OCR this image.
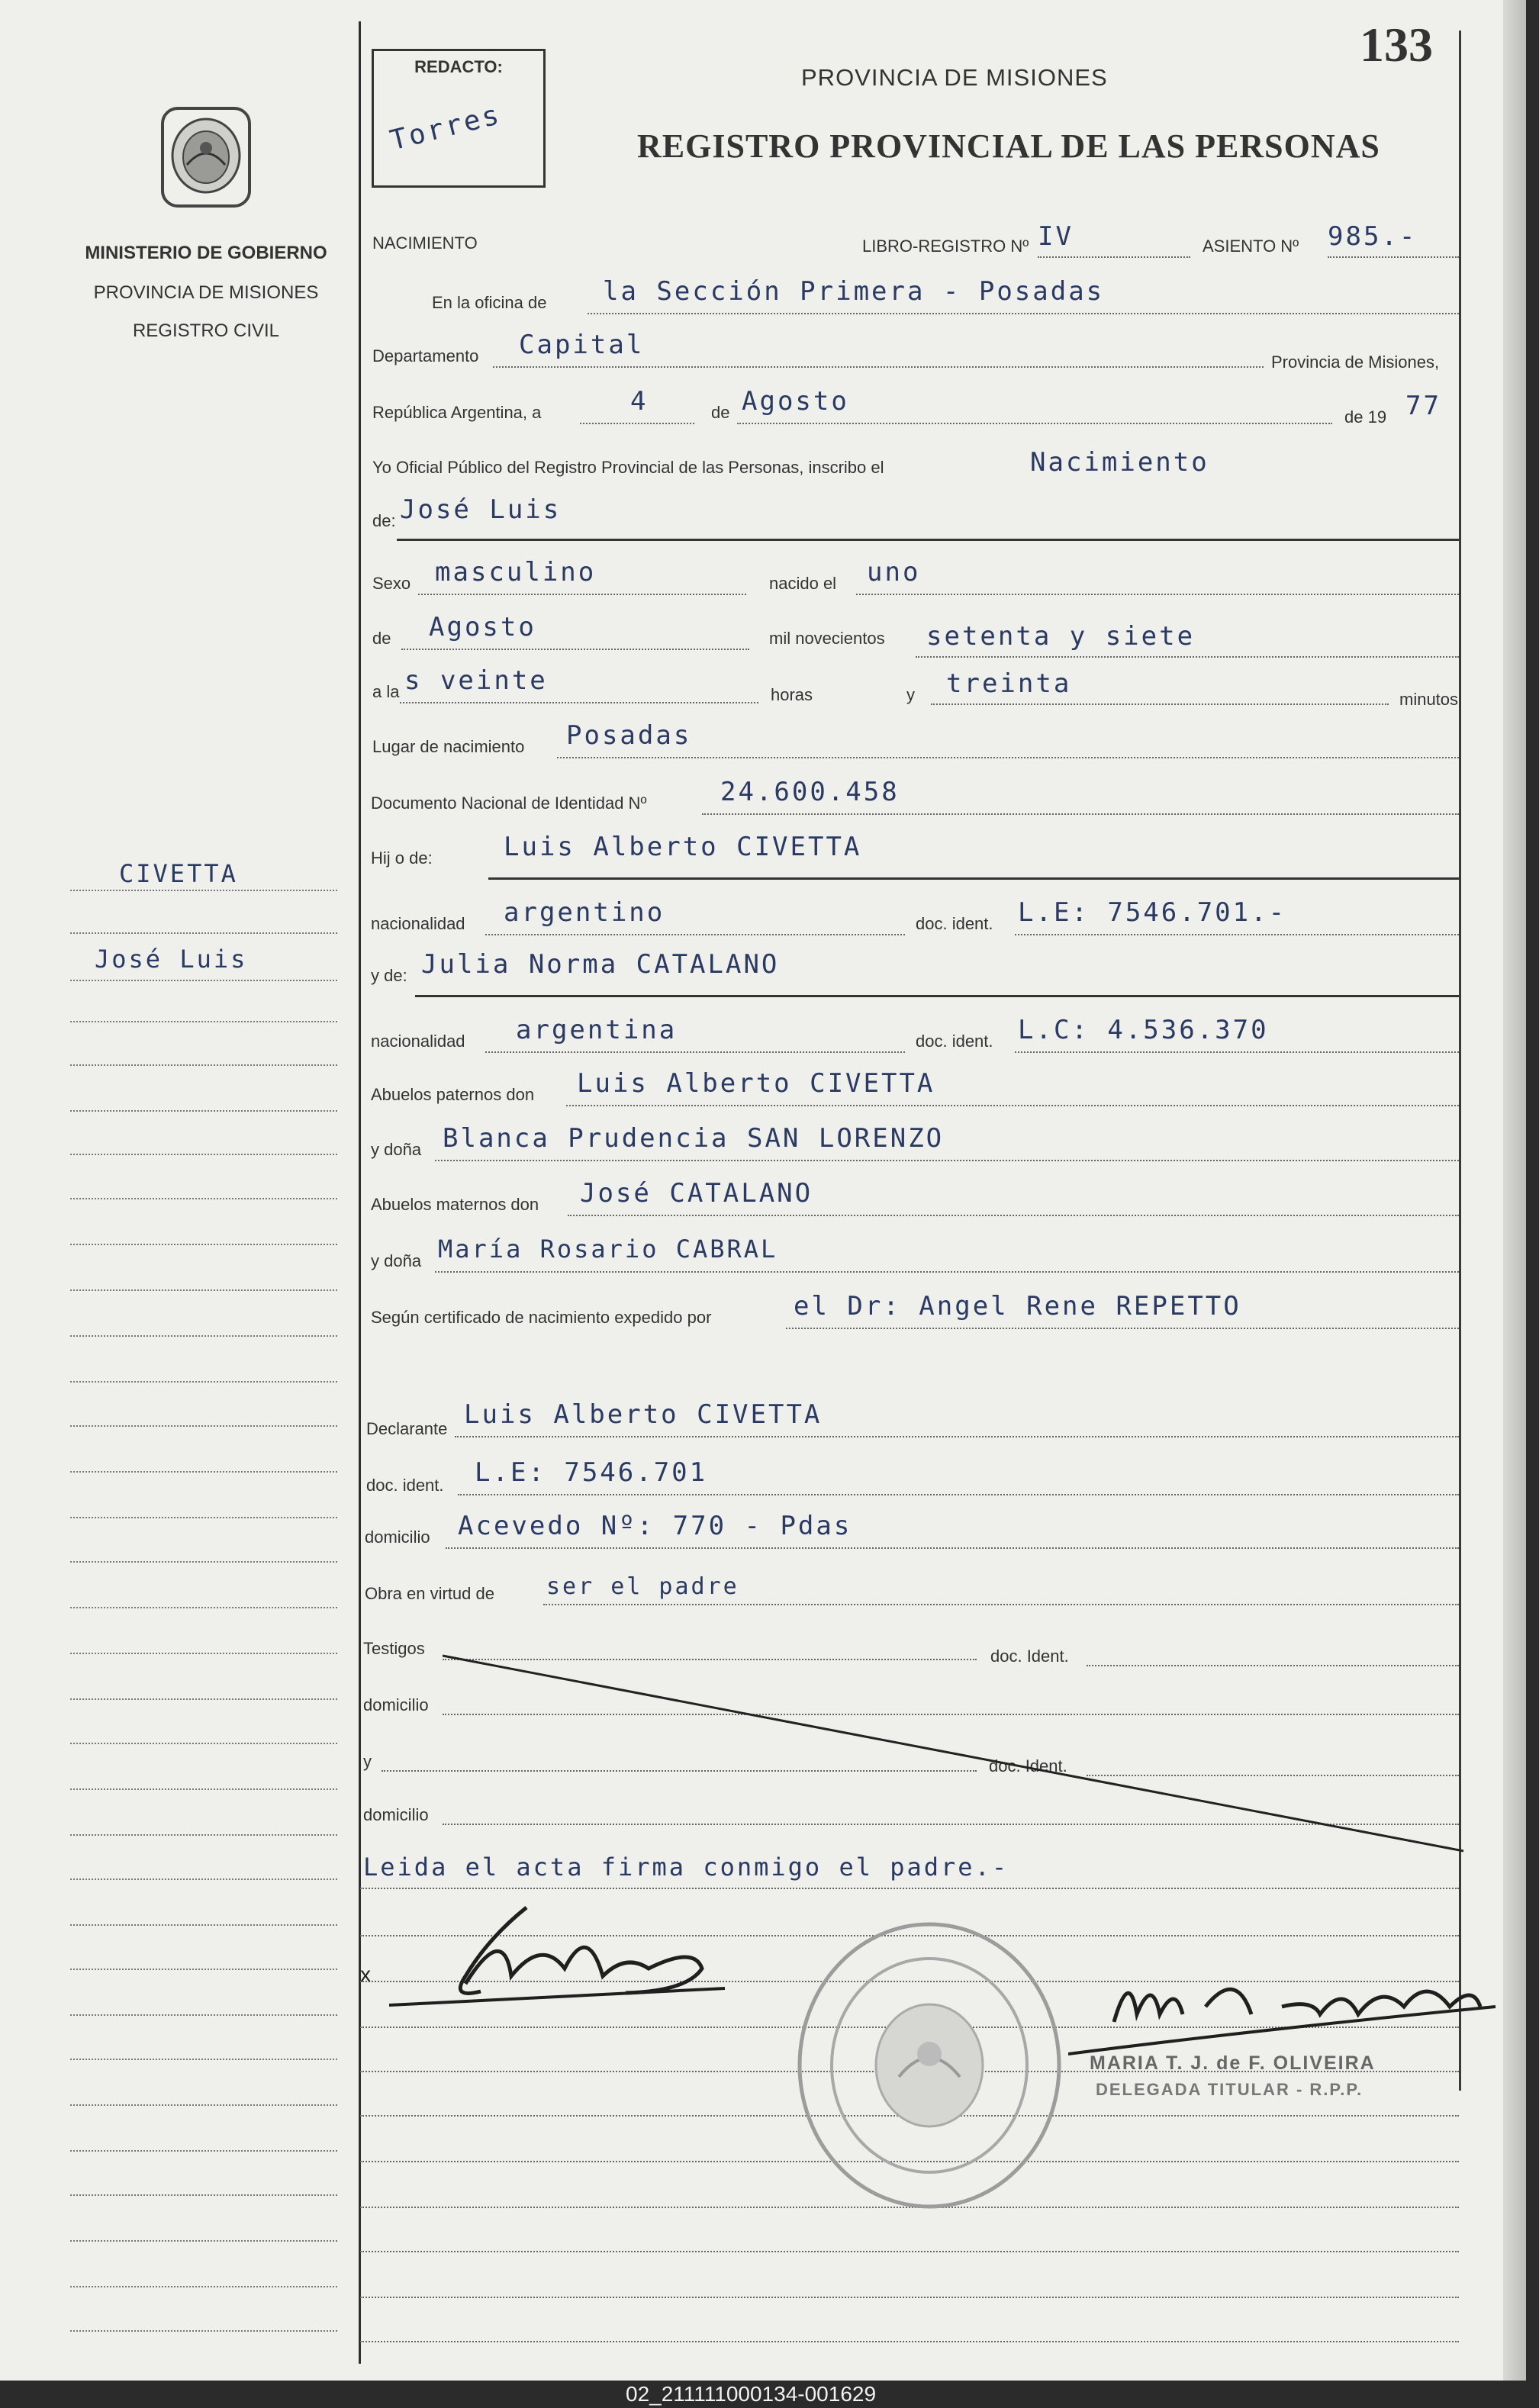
REDACTO:
Torres
133
PROVINCIA DE MISIONES
REGISTRO PROVINCIAL DE LAS PERSONAS
MINISTERIO DE GOBIERNO
PROVINCIA DE MISIONES
REGISTRO CIVIL
CIVETTA
José Luis
NACIMIENTO	LIBRO-REGISTRO Nº IV	ASIENTO Nº 985.-
En la oficina de la Sección Primera - Posadas
Departamento Capital
Provincia de Misiones,
República Argentina, a	4	de Agosto
de 19 77
Yo Oficial Público del Registro Provincial de las Personas, inscribo el	Nacimiento
de: José Luis
Sexo masculino	nacido el uno
de Agosto	mil novecientos setenta y siete
a la s veinte	horas	y treinta
minutos
Lugar de nacimiento Posadas
Documento Nacional de Identidad Nº	24.600.458
Hij o de:	Luis Alberto CIVETTA
nacionalidad argentino	doc. ident. L.E: 7546.701.-
y de: Julia Norma CATALANO
nacionalidad argentina	doc. ident. L.C: 4.536.370
Abuelos paternos don Luis Alberto CIVETTA
y doña Blanca Prudencia SAN LORENZO
Abuelos maternos don José CATALANO
y doña María Rosario CABRAL
Según certificado de nacimiento expedido por	el Dr: Angel Rene REPETTO
Declarante Luis Alberto CIVETTA
doc. ident. L.E: 7546.701
domicilio Acevedo Nº: 770 - Pdas
Obra en virtud de ser el padre
Testigos	doc. Ident.
domicilio
y	doc. Ident.
domicilio
Leida el acta firma conmigo el padre.-
x
MARIA T. J. de F. OLIVEIRA
DELEGADA TITULAR - R.P.P.
02_211111000134-001629
